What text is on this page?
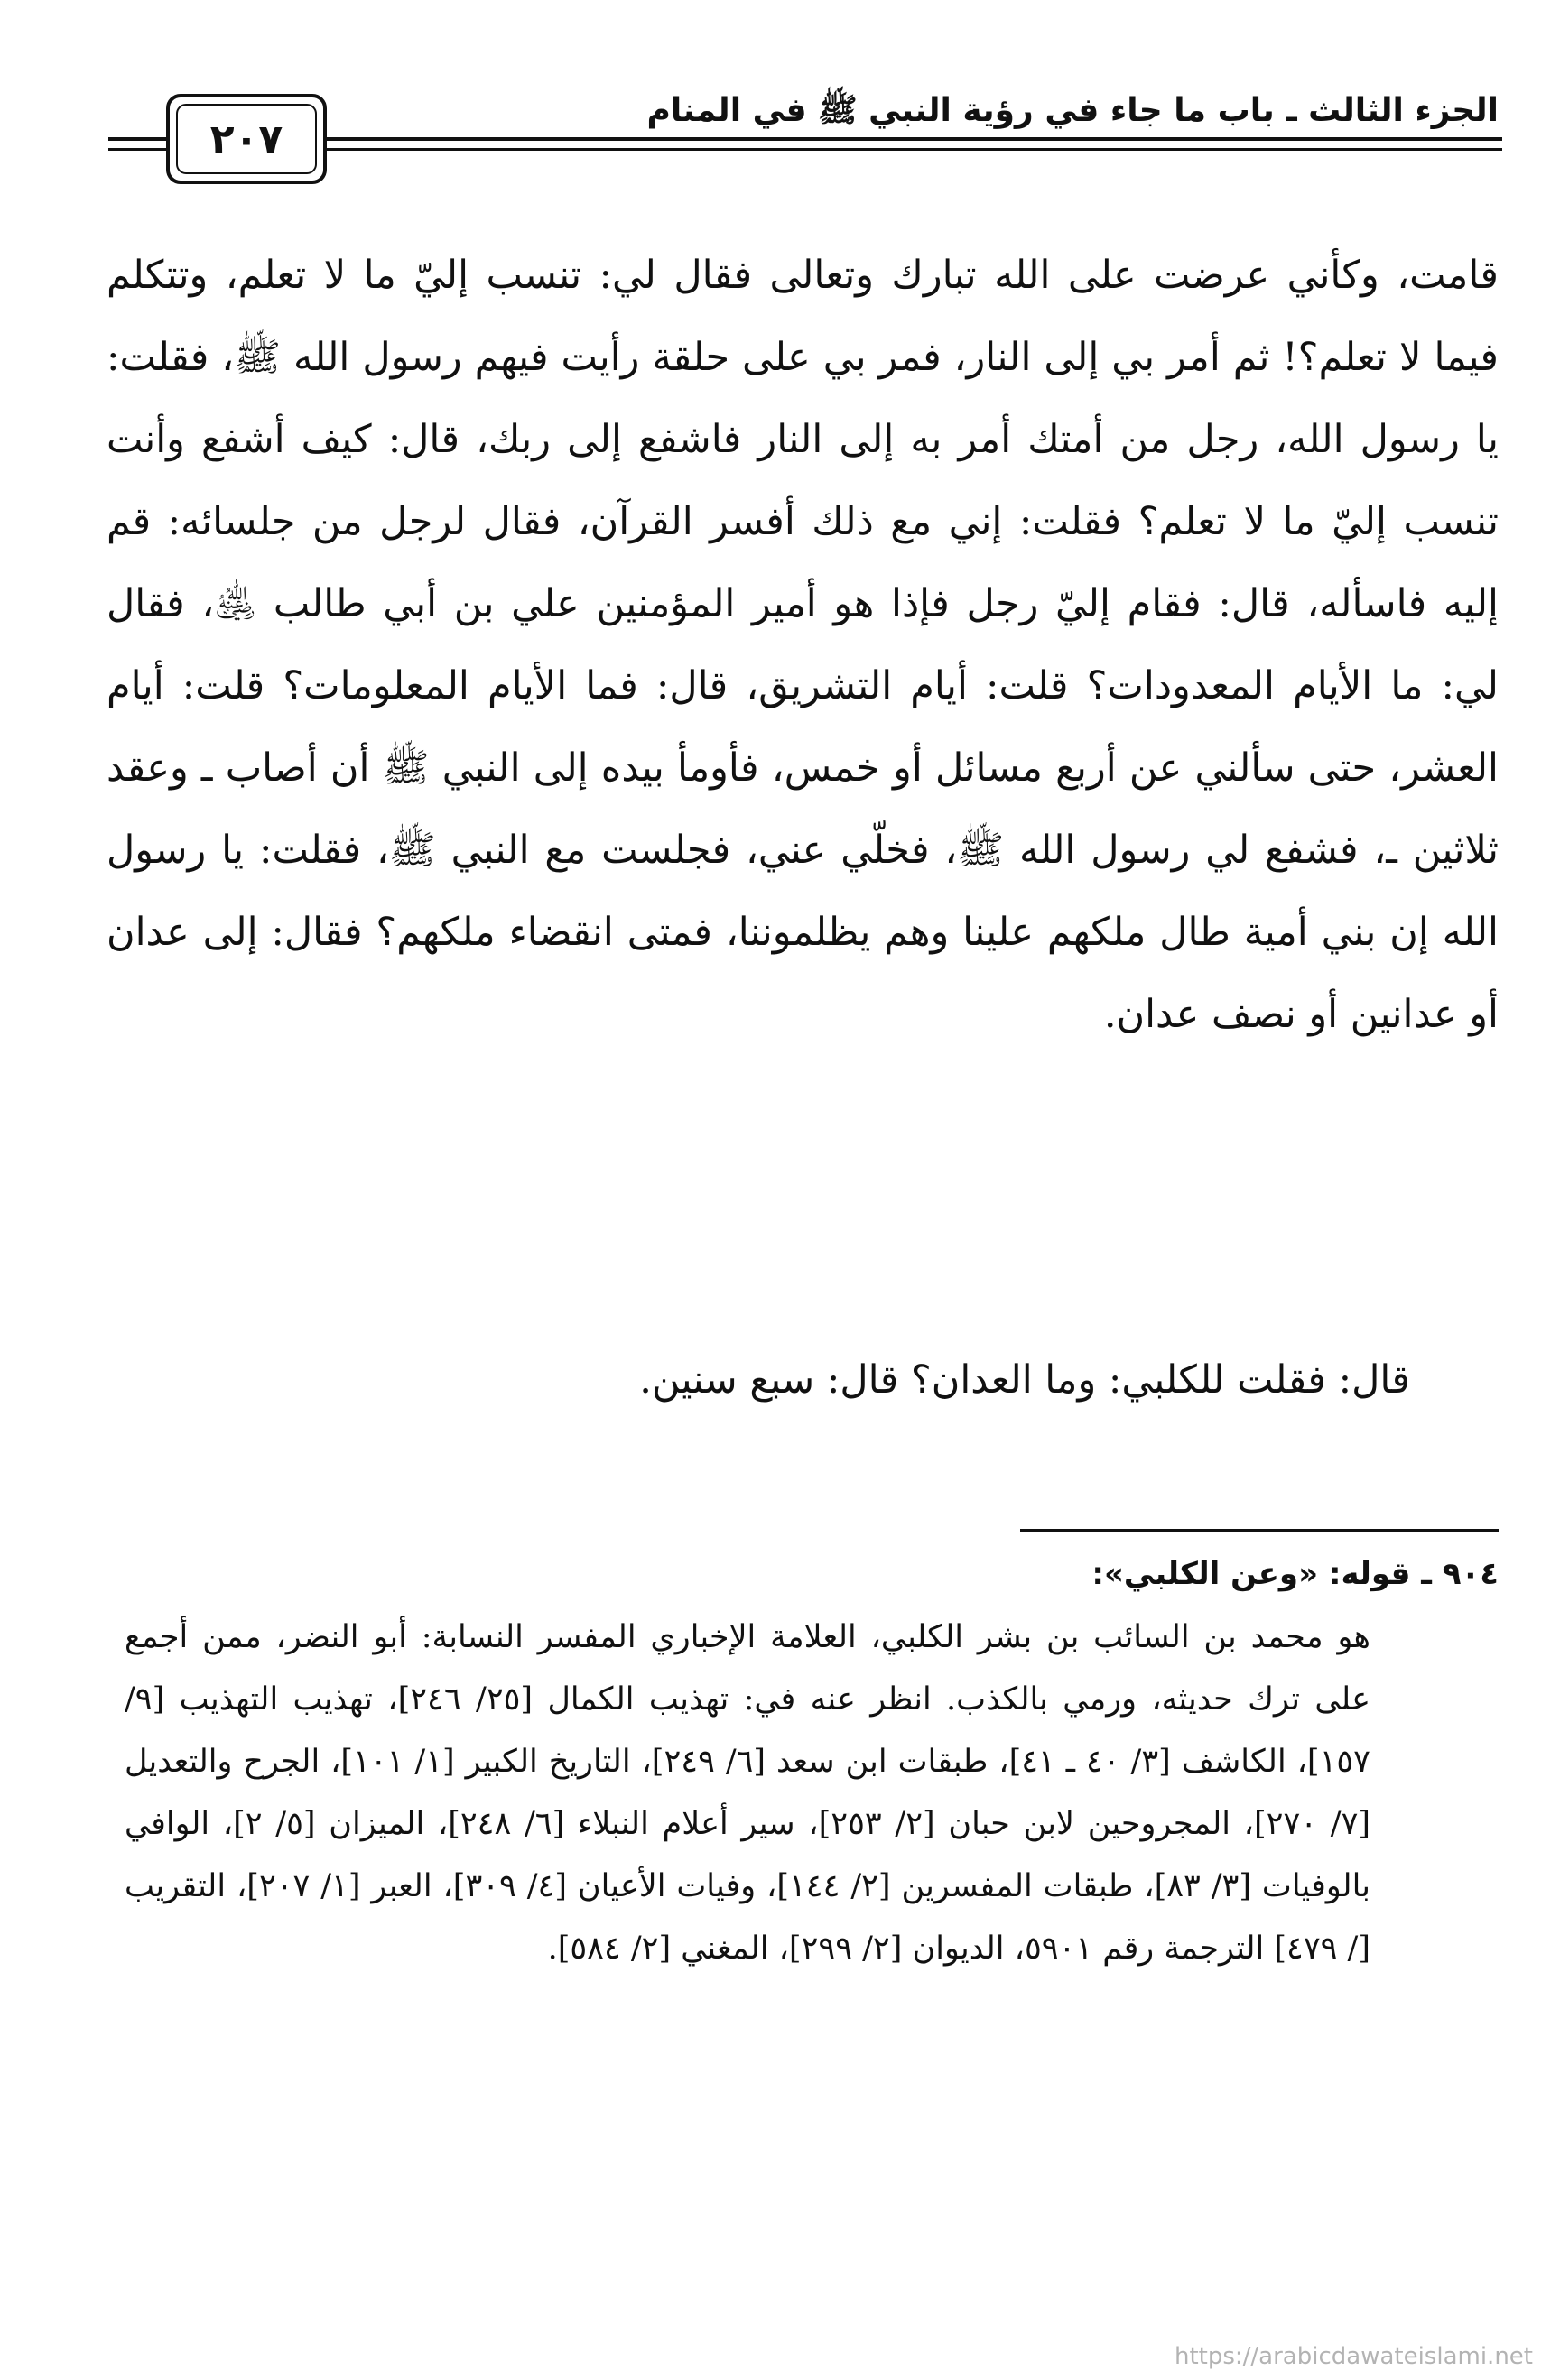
الجزء الثالث ـ باب ما جاء في رؤية النبي ﷺ في المنام
٢٠٧

قامت، وكأني عرضت على الله تبارك وتعالى فقال لي: تنسب إليّ ما لا تعلم، وتتكلم فيما لا تعلم؟! ثم أمر بي إلى النار، فمر بي على حلقة رأيت فيهم رسول الله ﷺ، فقلت: يا رسول الله، رجل من أمتك أمر به إلى النار فاشفع إلى ربك، قال: كيف أشفع وأنت تنسب إليّ ما لا تعلم؟ فقلت: إني مع ذلك أفسر القرآن، فقال لرجل من جلسائه: قم إليه فاسأله، قال: فقام إليّ رجل فإذا هو أمير المؤمنين علي بن أبي طالب ﵁، فقال لي: ما الأيام المعدودات؟ قلت: أيام التشريق، قال: فما الأيام المعلومات؟ قلت: أيام العشر، حتى سألني عن أربع مسائل أو خمس، فأومأ بيده إلى النبي ﷺ أن أصاب ـ وعقد ثلاثين ـ، فشفع لي رسول الله ﷺ، فخلّي عني، فجلست مع النبي ﷺ، فقلت: يا رسول الله إن بني أمية طال ملكهم علينا وهم يظلموننا، فمتى انقضاء ملكهم؟ فقال: إلى عدان أو عدانين أو نصف عدان.

قال: فقلت للكلبي: وما العدان؟ قال: سبع سنين.
٩٠٤ ـ قوله: «وعن الكلبي»:

هو محمد بن السائب بن بشر الكلبي، العلامة الإخباري المفسر النسابة: أبو النضر، ممن أجمع على ترك حديثه، ورمي بالكذب. انظر عنه في: تهذيب الكمال [٢٥/ ٢٤٦]، تهذيب التهذيب [٩/ ١٥٧]، الكاشف [٣/ ٤٠ ـ ٤١]، طبقات ابن سعد [٦/ ٢٤٩]، التاريخ الكبير [١/ ١٠١]، الجرح والتعديل [٧/ ٢٧٠]، المجروحين لابن حبان [٢/ ٢٥٣]، سير أعلام النبلاء [٦/ ٢٤٨]، الميزان [٥/ ٢]، الوافي بالوفيات [٣/ ٨٣]، طبقات المفسرين [٢/ ١٤٤]، وفيات الأعيان [٤/ ٣٠٩]، العبر [١/ ٢٠٧]، التقريب [/ ٤٧٩] الترجمة رقم ٥٩٠١، الديوان [٢/ ٢٩٩]، المغني [٢/ ٥٨٤].

https://arabicdawateislami.net
